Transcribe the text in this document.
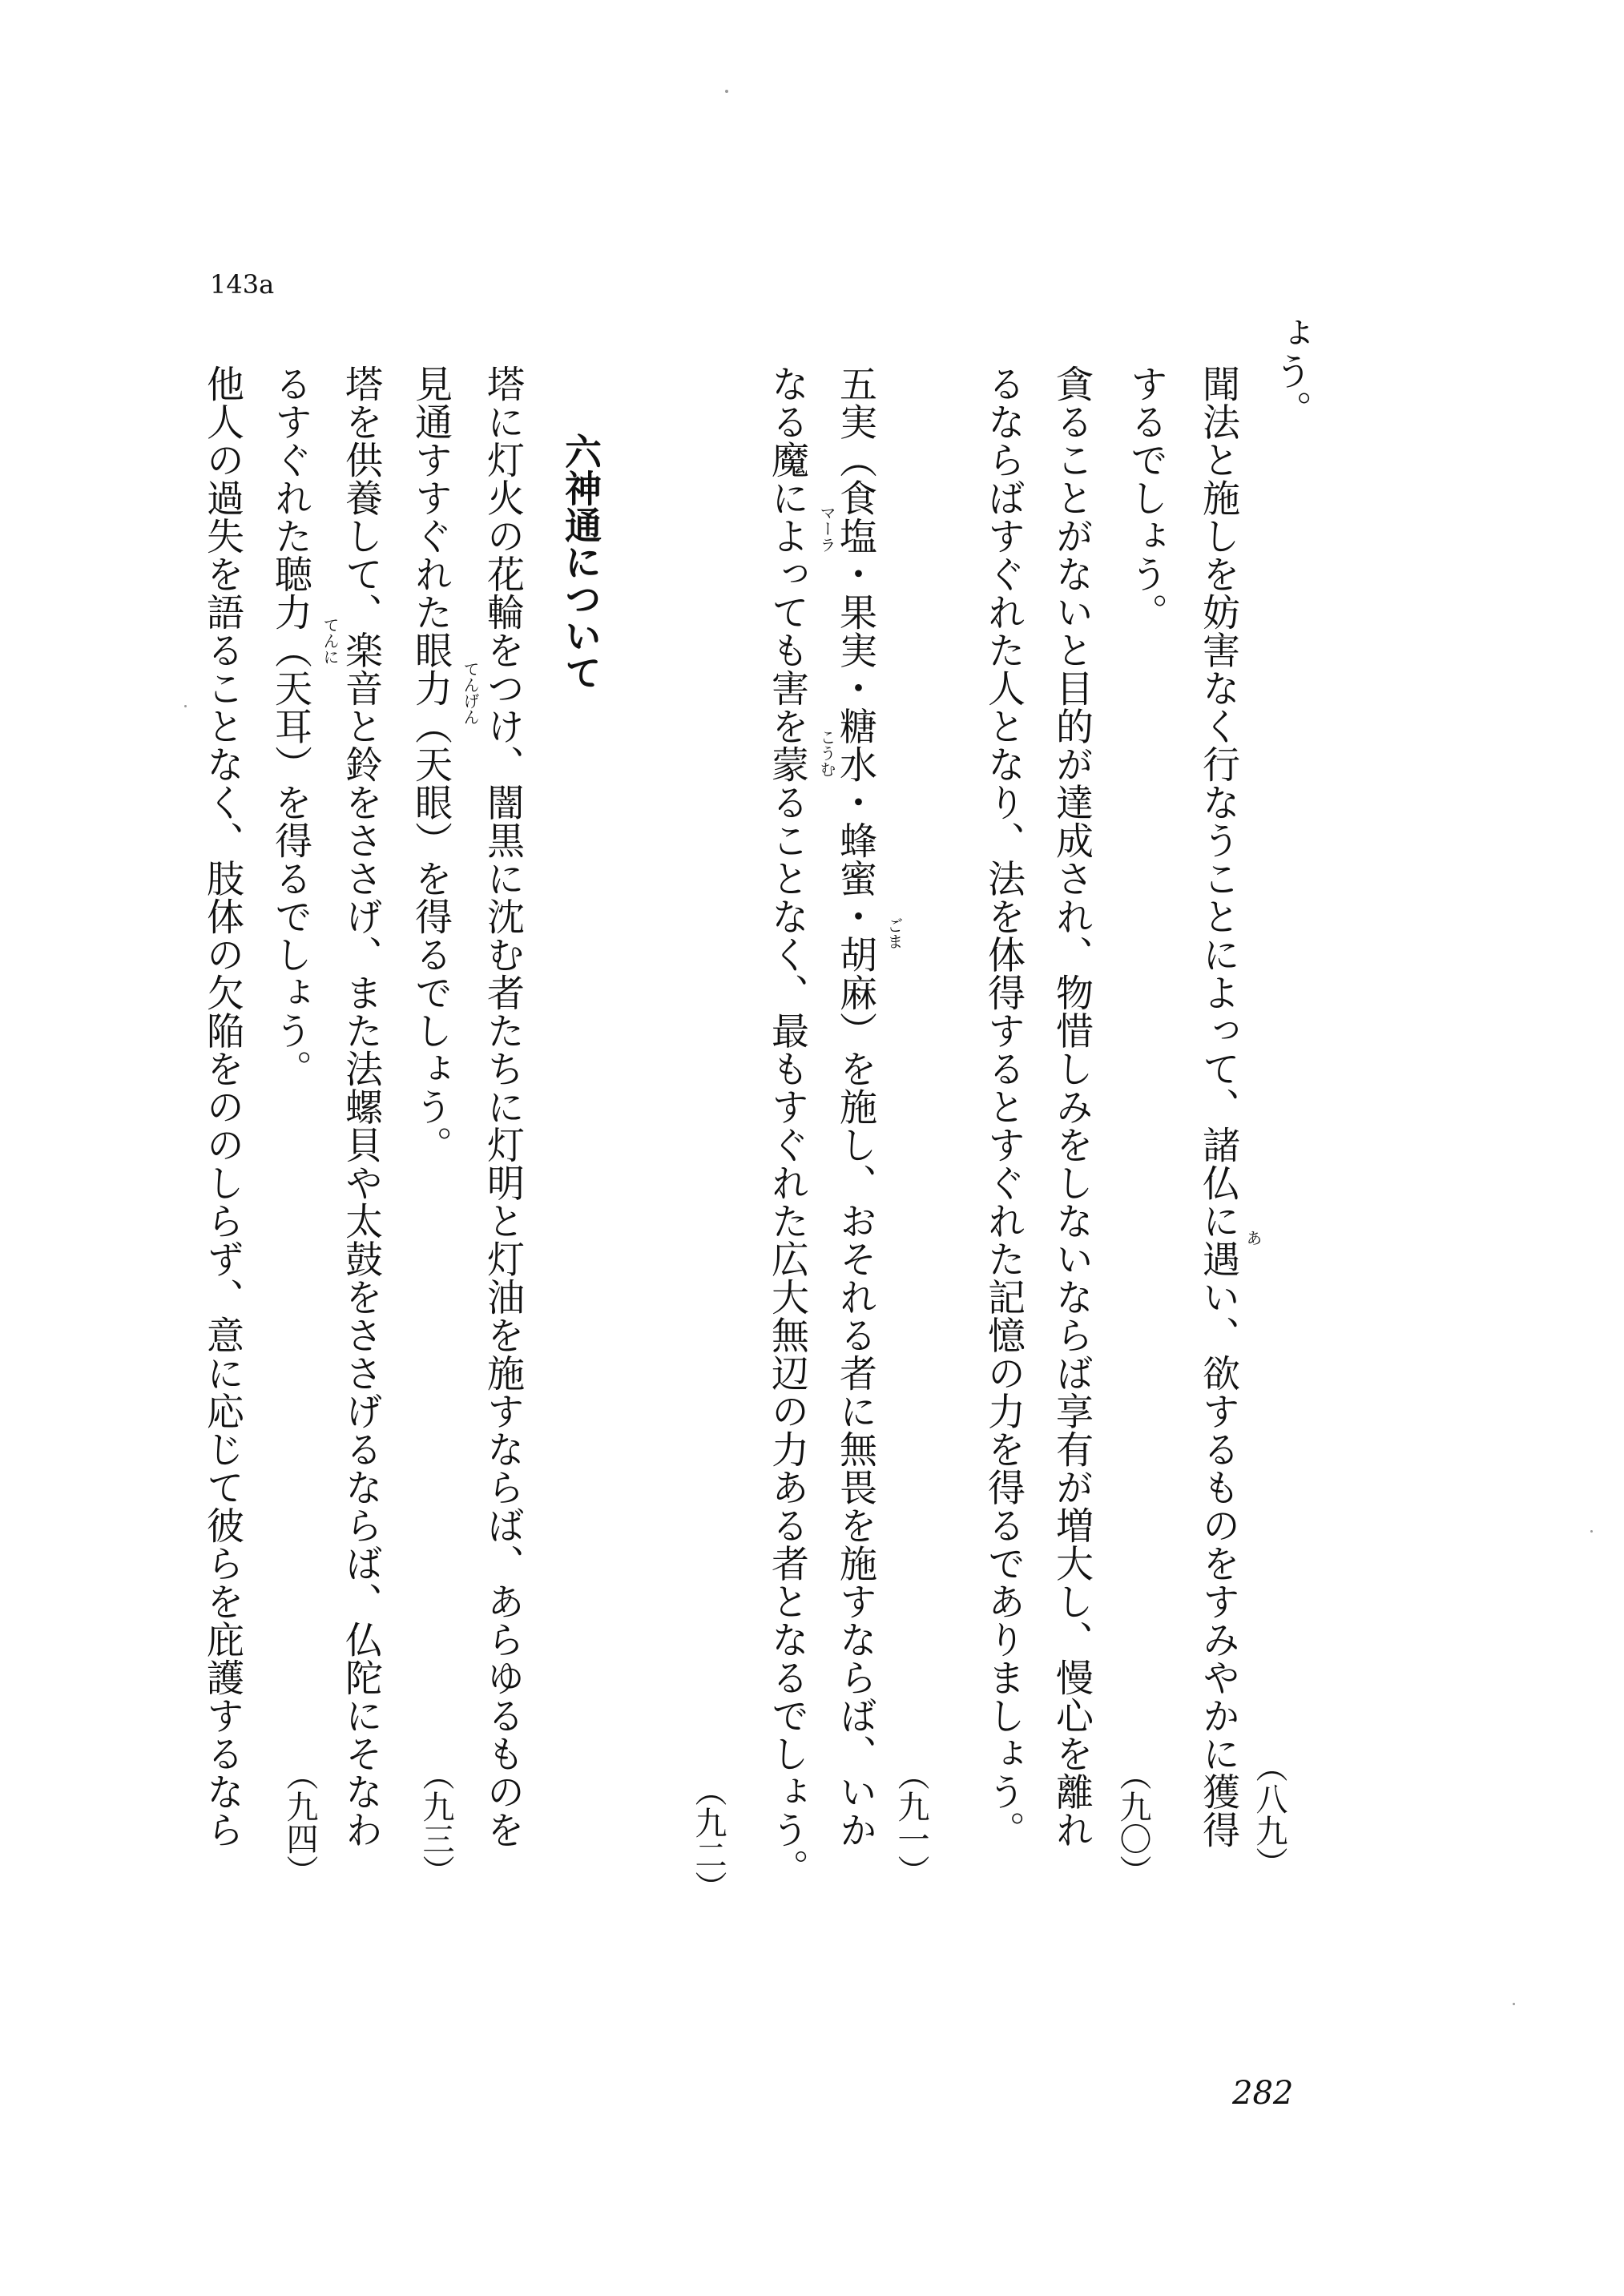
ょう。
聞法と施しを妨害なく行なうことによって、諸仏に遇い、欲するものをすみやかに獲得
するでしょう。
貪ることがないと目的が達成され、物惜しみをしないならば享有が増大し、慢心を離れ
るならばすぐれた人となり、法を体得するとすぐれた記憶の力を得るでありましょう。
五実（食塩・果実・糖水・蜂蜜・胡麻）を施し、おそれる者に無畏を施すならば、いか
なる魔によっても害を蒙ることなく、最もすぐれた広大無辺の力ある者となるでしょう。
六神通について
塔に灯火の花輪をつけ、闇黒に沈む者たちに灯明と灯油を施すならば、あらゆるものを
見通すすぐれた眼力（天眼）を得るでしょう。
塔を供養して、楽音と鈴をささげ、また法螺貝や太鼓をささげるならば、仏陀にそなわ
るすぐれた聴力（天耳）を得るでしょう。
他人の過失を語ることなく、肢体の欠陥をののしらず、意に応じて彼らを庇護するなら	（八九）
（九〇）
（九一）
（九二）
（九三）
（九四）
あ
マーラ
こうむ
ごま
てんげん
てんに
143a
282
